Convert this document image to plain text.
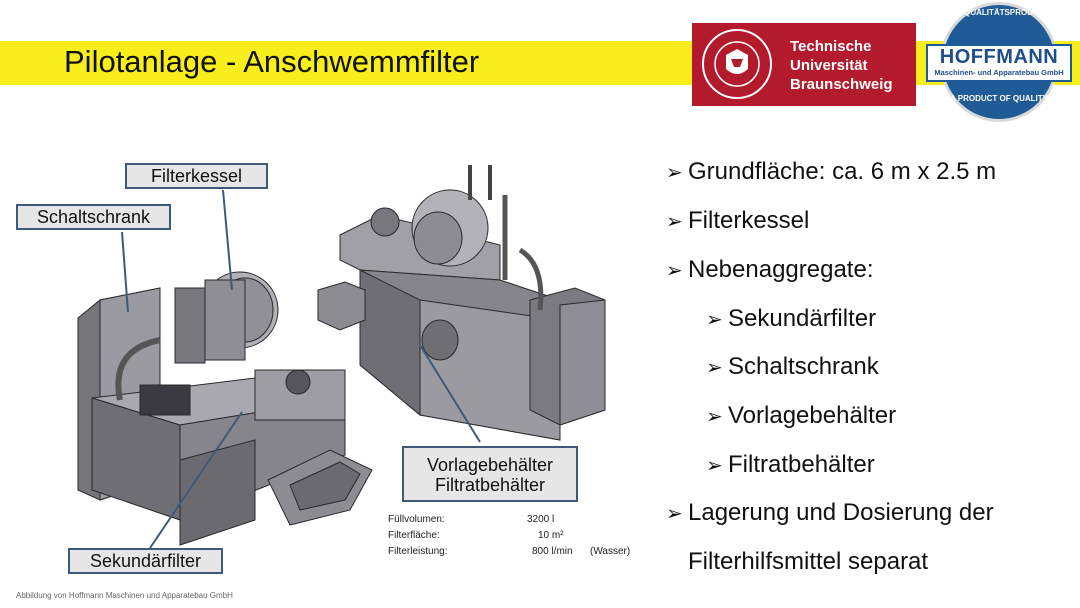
Pilotanlage - Anschwemmfilter	Technische
Universität
Braunschweig
EIN QUALITÄTSPRODUKT
HOFFMANN
Maschinen- und Apparatebau GmbH
A PRODUCT OF QUALITY
Filterkessel
Schaltschrank
Sekundärfilter
Vorlagebehälter
Filtratbehälter
Füllvolumen:	3200 l
Filterfläche:	10 m²
Filterleistung:	800 l/min (Wasser)
➢ Grundfläche: ca. 6 m x 2.5 m
➢ Filterkessel
➢ Nebenaggregate:
➢ Sekundärfilter
➢ Schaltschrank
➢ Vorlagebehälter
➢ Filtratbehälter
➢ Lagerung und Dosierung der
Filterhilfsmittel separat
Abbildung von Hoffmann Maschinen und Apparatebau GmbH
